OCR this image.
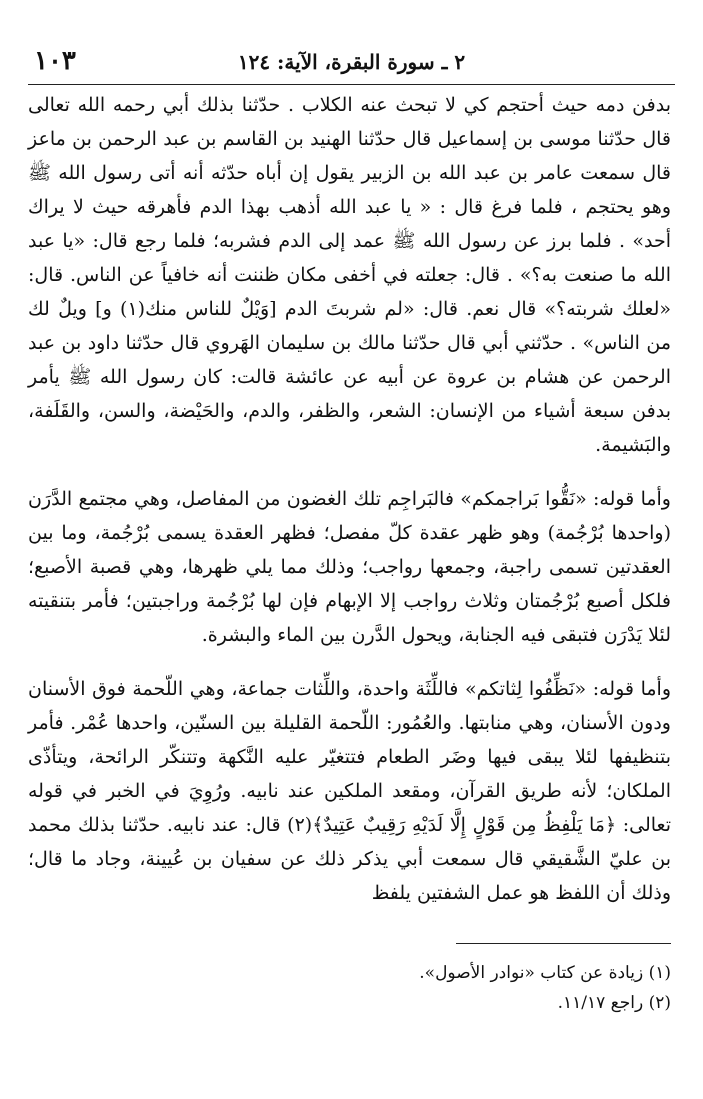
١٠٣	٢ ـ سورة البقرة، الآية: ١٢٤

بدفن دمه حيث أحتجم كي لا تبحث عنه الكلاب . حدّثنا بذلك أبي رحمه الله تعالى قال حدّثنا موسى بن إسماعيل قال حدّثنا الهنيد بن القاسم بن عبد الرحمن بن ماعز قال سمعت عامر بن عبد الله بن الزبير يقول إن أباه حدّثه أنه أتى رسول الله ﷺ وهو يحتجم ، فلما فرغ قال : « يا عبد الله أذهب بهذا الدم فأهرقه حيث لا يراك أحد» . فلما برز عن رسول الله ﷺ عمد إلى الدم فشربه؛ فلما رجع قال: «يا عبد الله ما صنعت به؟» . قال: جعلته في أخفى مكان ظننت أنه خافياً عن الناس. قال: «لعلك شربته؟» قال نعم. قال: «لم شربتَ الدم [وَيْلٌ للناس منك(١) و] ويلٌ لك من الناس» . حدّثني أبي قال حدّثنا مالك بن سليمان الهَروي قال حدّثنا داود بن عبد الرحمن عن هشام بن عروة عن أبيه عن عائشة قالت: كان رسول الله ﷺ يأمر بدفن سبعة أشياء من الإنسان: الشعر، والظفر، والدم، والحَيْضة، والسن، والقَلَفة، والبَشيمة.

وأما قوله: «نَقُّوا بَراجمكم» فالبَراجِم تلك الغضون من المفاصل، وهي مجتمع الدَّرَن (واحدها بُرْجُمة) وهو ظهر عقدة كلّ مفصل؛ فظهر العقدة يسمى بُرْجُمة، وما بين العقدتين تسمى راجبة، وجمعها رواجب؛ وذلك مما يلي ظهرها، وهي قصبة الأصبع؛ فلكل أصبع بُرْجُمتان وثلاث رواجب إلا الإبهام فإن لها بُرْجُمة وراجبتين؛ فأمر بتنقيته لئلا يَدْرَن فتبقى فيه الجنابة، ويحول الدَّرن بين الماء والبشرة.

وأما قوله: «نَظِّفُوا لِثاتكم» فاللِّثَة واحدة، واللِّثات جماعة، وهي اللّحمة فوق الأسنان ودون الأسنان، وهي منابتها. والعُمُور: اللّحمة القليلة بين السنّين، واحدها عُمْر. فأمر بتنظيفها لئلا يبقى فيها وضَر الطعام فتتغيّر عليه النَّكهة وتتنكّر الرائحة، ويتأذّى الملكان؛ لأنه طريق القرآن، ومقعد الملكين عند نابيه. ورُوِيَ في الخبر في قوله تعالى: ﴿مَا يَلْفِظُ مِن قَوْلٍ إِلَّا لَدَيْهِ رَقِيبٌ عَتِيدٌ﴾(٢) قال: عند نابيه. حدّثنا بذلك محمد بن عليّ الشَّقيقي قال سمعت أبي يذكر ذلك عن سفيان بن عُيينة، وجاد ما قال؛ وذلك أن اللفظ هو عمل الشفتين يلفظ

(١) زيادة عن كتاب «نوادر الأصول».

(٢) راجع ١١/١٧.
